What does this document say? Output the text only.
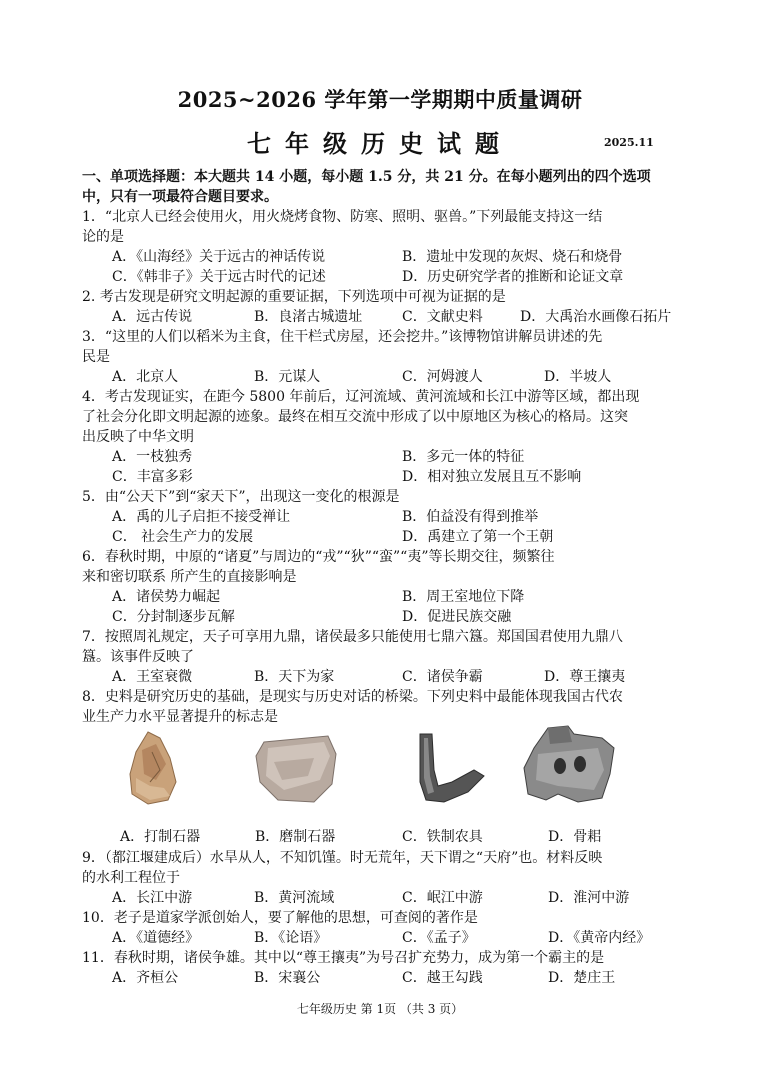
2025~2026 学年第一学期期中质量调研
七年级历史试题	2025.11
一、单项选择题：本大题共 14 小题，每小题 1.5 分，共 21 分。在每小题列出的四个选项
中，只有一项最符合题目要求。
1．“北京人已经会使用火，用火烧烤食物、防寒、照明、驱兽。”下列最能支持这一结
论的是
A．《山海经》关于远古的神话传说	B．遗址中发现的灰烬、烧石和烧骨
C．《韩非子》关于远古时代的记述	D．历史研究学者的推断和论证文章
2. 考古发现是研究文明起源的重要证据，下列选项中可视为证据的是
A．远古传说	B．良渚古城遗址	C．文献史料	D．大禹治水画像石拓片
3．“这里的人们以稻米为主食，住干栏式房屋，还会挖井。”该博物馆讲解员讲述的先
民是
A．北京人	B．元谋人	C．河姆渡人	D．半坡人
4．考古发现证实，在距今 5800 年前后，辽河流域、黄河流域和长江中游等区域，都出现
了社会分化即文明起源的迹象。最终在相互交流中形成了以中原地区为核心的格局。这突
出反映了中华文明
A．一枝独秀	B．多元一体的特征
C．丰富多彩	D．相对独立发展且互不影响
5．由“公天下”到“家天下”，出现这一变化的根源是
A．禹的儿子启拒不接受禅让	B．伯益没有得到推举
C． 社会生产力的发展	D．禹建立了第一个王朝
6．春秋时期，中原的“诸夏”与周边的“戎”“狄”“蛮”“夷”等长期交往，频繁往
来和密切联系 所产生的直接影响是
A．诸侯势力崛起	B．周王室地位下降
C．分封制逐步瓦解	D．促进民族交融
7．按照周礼规定，天子可享用九鼎，诸侯最多只能使用七鼎六簋。郑国国君使用九鼎八
簋。该事件反映了
A．王室衰微	B．天下为家	C．诸侯争霸	D．尊王攘夷
8．史料是研究历史的基础，是现实与历史对话的桥梁。下列史料中最能体现我国古代农
业生产力水平显著提升的标志是
A．打制石器	B．磨制石器	C．铁制农具	D．骨耜
9．（都江堰建成后）水旱从人，不知饥馑。时无荒年，天下谓之“天府”也。材料反映
的水利工程位于
A．长江中游	B．黄河流域	C．岷江中游	D．淮河中游
10．老子是道家学派创始人，要了解他的思想，可查阅的著作是
A．《道德经》	B．《论语》	C．《孟子》	D．《黄帝内经》
11．春秋时期，诸侯争雄。其中以“尊王攘夷”为号召扩充势力，成为第一个霸主的是
A．齐桓公	B．宋襄公	C．越王勾践	D．楚庄王
七年级历史 第 1页 （共 3 页）
